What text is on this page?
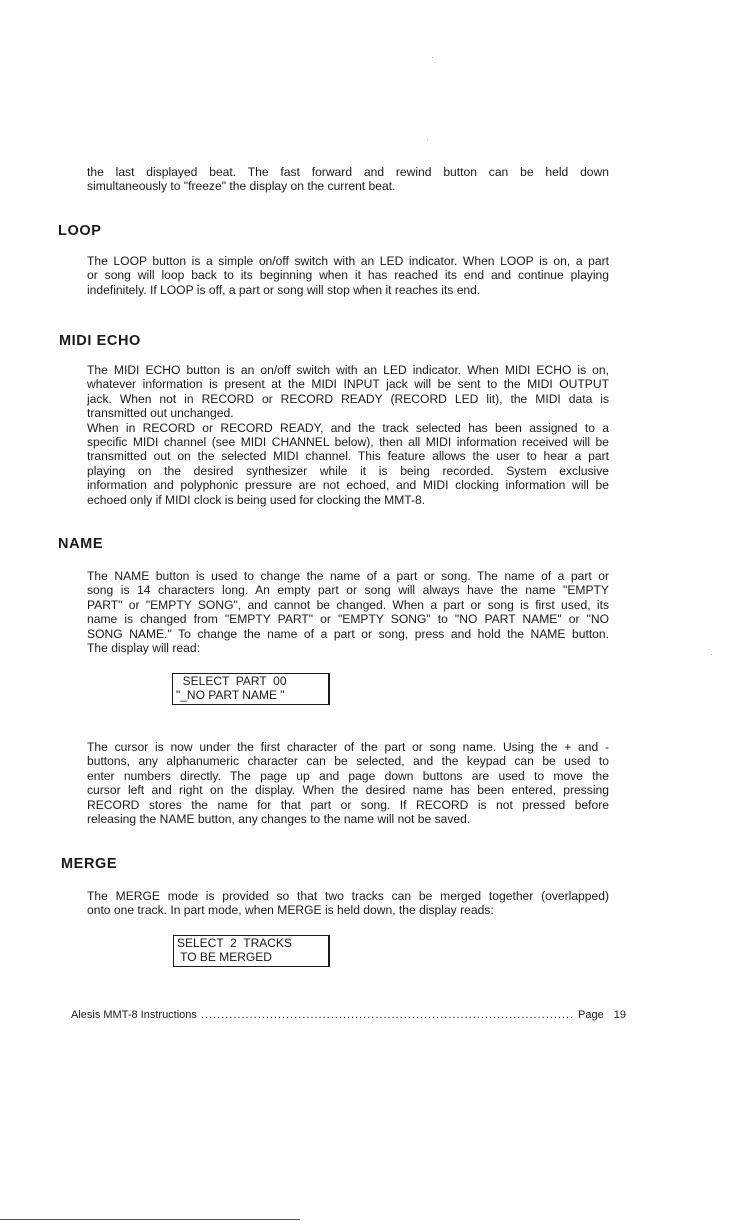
the last displayed beat. The fast forward and rewind button can be held down
simultaneously to "freeze" the display on the current beat.
LOOP
The LOOP button is a simple on/off switch with an LED indicator. When LOOP is on, a part
or song will loop back to its beginning when it has reached its end and continue playing
indefinitely. If LOOP is off, a part or song will stop when it reaches its end.
MIDI ECHO
The MIDI ECHO button is an on/off switch with an LED indicator. When MIDI ECHO is on,
whatever information is present at the MIDI INPUT jack will be sent to the MIDI OUTPUT
jack. When not in RECORD or RECORD READY (RECORD LED lit), the MIDI data is
transmitted out unchanged.
When in RECORD or RECORD READY, and the track selected has been assigned to a
specific MIDI channel (see MIDI CHANNEL below), then all MIDI information received will be
transmitted out on the selected MIDI channel. This feature allows the user to hear a part
playing on the desired synthesizer while it is being recorded. System exclusive
information and polyphonic pressure are not echoed, and MIDI clocking information will be
echoed only if MIDI clock is being used for clocking the MMT-8.
NAME
The NAME button is used to change the name of a part or song. The name of a part or
song is 14 characters long. An empty part or song will always have the name "EMPTY
PART" or "EMPTY SONG", and cannot be changed. When a part or song is first used, its
name is changed from "EMPTY PART" or "EMPTY SONG" to "NO PART NAME" or "NO
SONG NAME." To change the name of a part or song, press and hold the NAME button.
The display will read:
SELECT  PART  00
"_NO PART NAME "
The cursor is now under the first character of the part or song name. Using the + and -
buttons, any alphanumeric character can be selected, and the keypad can be used to
enter numbers directly. The page up and page down buttons are used to move the
cursor left and right on the display. When the desired name has been entered, pressing
RECORD stores the name for that part or song. If RECORD is not pressed before
releasing the NAME button, any changes to the name will not be saved.
MERGE
The MERGE mode is provided so that two tracks can be merged together (overlapped)
onto one track. In part mode, when MERGE is held down, the display reads:
SELECT  2  TRACKS
TO BE MERGED
Alesis MMT-8 Instructions
.....	Page 19
